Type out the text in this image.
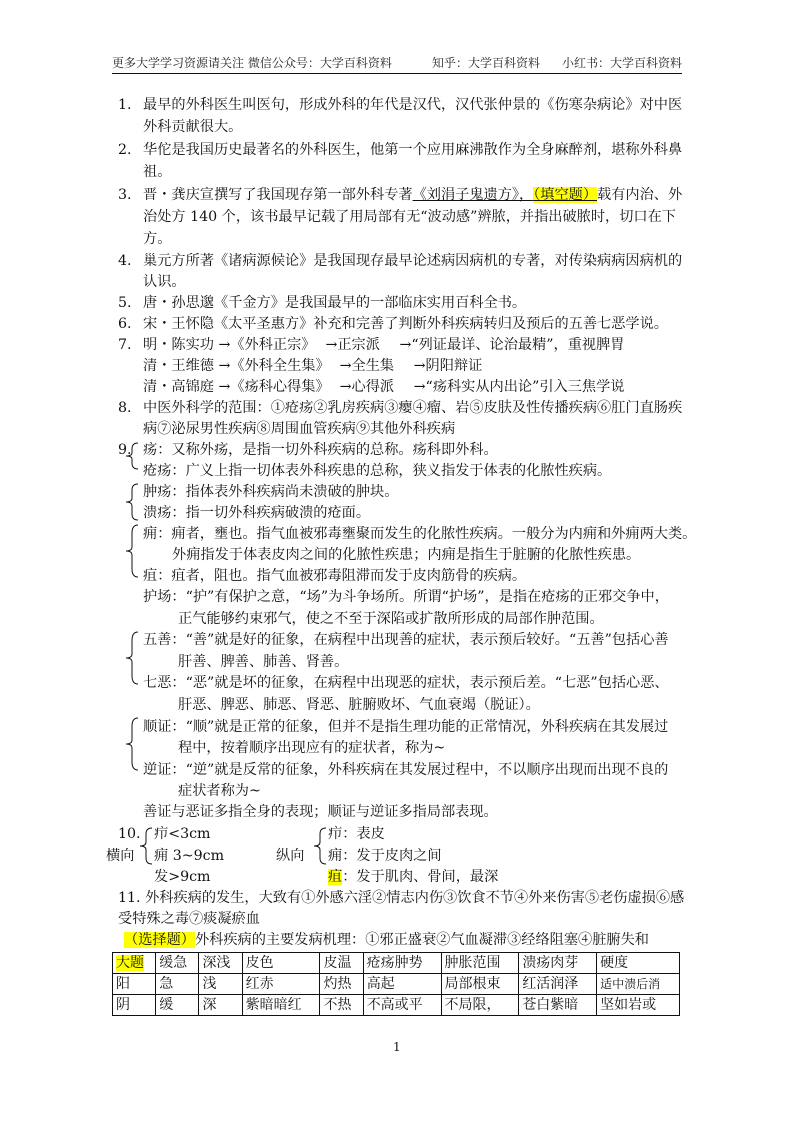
更多大学学习资源请关注 微信公众号：大学百科资料	知乎：大学百科资料 小红书：大学百科资料
1. 最早的外科医生叫医句，形成外科的年代是汉代，汉代张仲景的《伤寒杂病论》对中医
外科贡献很大。
2. 华佗是我国历史最著名的外科医生，他第一个应用麻沸散作为全身麻醉剂，堪称外科鼻
祖。
3. 晋・龚庆宣撰写了我国现存第一部外科专著《刘涓子鬼遗方》，（填空题）载有内治、外
治处方 140 个，该书最早记载了用局部有无“波动感”辨脓，并指出破脓时，切口在下
方。
4. 巢元方所著《诸病源候论》是我国现存最早论述病因病机的专著，对传染病病因病机的
认识。
5. 唐・孙思邈《千金方》是我国最早的一部临床实用百科全书。
6. 宋・王怀隐《太平圣惠方》补充和完善了判断外科疾病转归及预后的五善七恶学说。
7. 明・陈实功 →《外科正宗》 →正宗派	→“列证最详、论治最精”，重视脾胃
清・王维德 →《外科全生集》 →全生集	→阴阳辩证
清・高锦庭 →《疡科心得集》 →心得派	→“疡科实从内出论”引入三焦学说
8. 中医外科学的范围：①疮疡②乳房疾病③瘿④瘤、岩⑤皮肤及性传播疾病⑥肛门直肠疾
病⑦泌尿男性疾病⑧周围血管疾病⑨其他外科疾病
9. 疡：又称外疡，是指一切外科疾病的总称。疡科即外科。
疮疡：广义上指一切体表外科疾患的总称，狭义指发于体表的化脓性疾病。
肿疡：指体表外科疾病尚未溃破的肿块。
溃疡：指一切外科疾病破溃的疮面。
痈：痈者，壅也。指气血被邪毒壅聚而发生的化脓性疾病。一般分为内痈和外痈两大类。
外痈指发于体表皮肉之间的化脓性疾患；内痈是指生于脏腑的化脓性疾患。
疽：疽者，阻也。指气血被邪毒阻滞而发于皮肉筋骨的疾病。
护场：“护”有保护之意，“场”为斗争场所。所谓“护场”，是指在疮疡的正邪交争中，
正气能够约束邪气，使之不至于深陷或扩散所形成的局部作肿范围。
五善：“善”就是好的征象，在病程中出现善的症状，表示预后较好。“五善”包括心善
肝善、脾善、肺善、肾善。
七恶：“恶”就是坏的征象，在病程中出现恶的症状，表示预后差。“七恶”包括心恶、
肝恶、脾恶、肺恶、肾恶、脏腑败坏、气血衰竭（脱证）。
顺证：“顺”就是正常的征象，但并不是指生理功能的正常情况，外科疾病在其发展过
程中，按着顺序出现应有的症状者，称为~
逆证：“逆”就是反常的征象，外科疾病在其发展过程中，不以顺序出现而出现不良的
症状者称为~
善证与恶证多指全身的表现；顺证与逆证多指局部表现。
10. 疖<3cm
横向 痈 3~9cm
发>9cm
疖：表皮
纵向 痈：发于皮肉之间
疽：发于肌肉、骨间，最深
11. 外科疾病的发生，大致有①外感六淫②情志内伤③饮食不节④外来伤害⑤老伤虚损⑥感
受特殊之毒⑦痰凝瘀血
（选择题）外科疾病的主要发病机理：①邪正盛衰②气血凝滞③经络阻塞④脏腑失和
大题	缓急	深浅	皮色	皮温	疮疡肿势	肿胀范围	溃疡肉芽	硬度
阳	急	浅	红赤	灼热	高起	局部根束	红活润泽	适中溃后消
阴	缓	深	紫暗暗红	不热	不高或平	不局限，	苍白紫暗	坚如岩或
1
